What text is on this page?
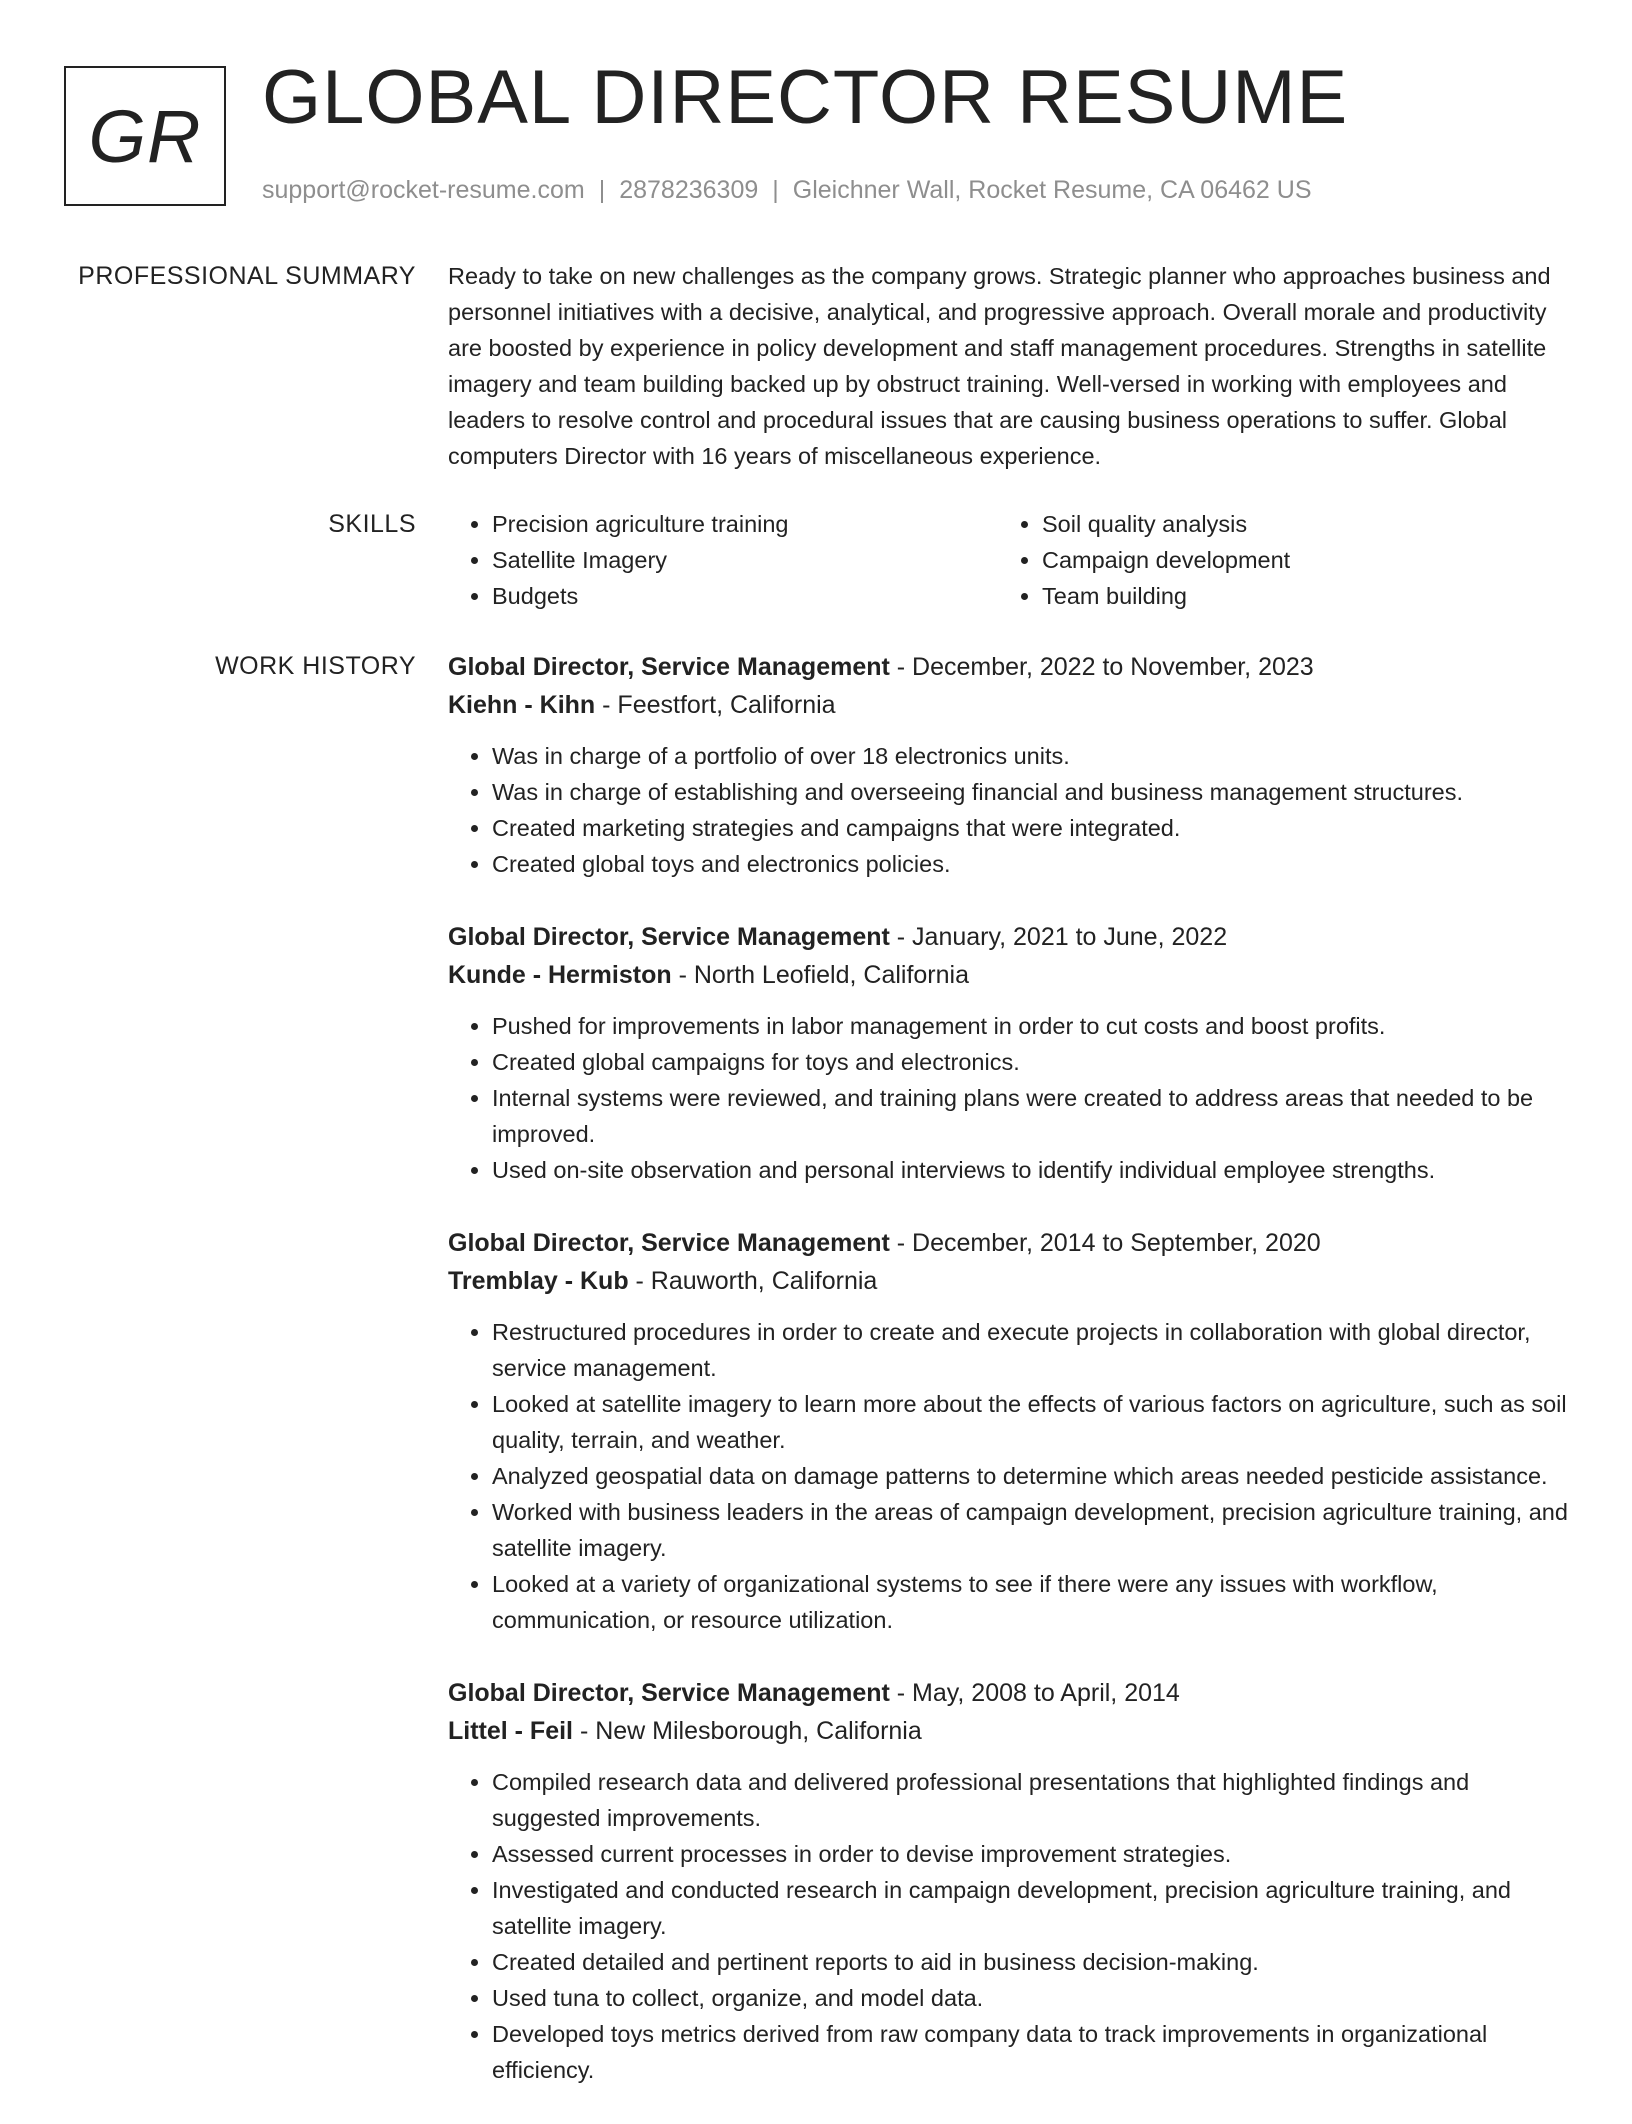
GR GLOBAL DIRECTOR RESUME
support@rocket-resume.com | 2878236309 | Gleichner Wall, Rocket Resume, CA 06462 US
PROFESSIONAL SUMMARY Ready to take on new challenges as the company grows. Strategic planner who approaches business and personnel initiatives with a decisive, analytical, and progressive approach. Overall morale and productivity are boosted by experience in policy development and staff management procedures. Strengths in satellite imagery and team building backed up by obstruct training. Well-versed in working with employees and leaders to resolve control and procedural issues that are causing business operations to suffer. Global computers Director with 16 years of miscellaneous experience.

SKILLS
•	Precision agriculture training
• Satellite Imagery
• Budgets
• Soil quality analysis
• Campaign development
• Team building
WORK HISTORY Global Director, Service Management - December, 2022 to November, 2023
Kiehn - Kihn - Feestfort, California
• Was in charge of a portfolio of over 18 electronics units.
• Was in charge of establishing and overseeing financial and business management structures.
• Created marketing strategies and campaigns that were integrated.
• Created global toys and electronics policies.
Global Director, Service Management - January, 2021 to June, 2022
Kunde - Hermiston - North Leofield, California
• Pushed for improvements in labor management in order to cut costs and boost profits.
• Created global campaigns for toys and electronics.
• Internal systems were reviewed, and training plans were created to address areas that needed to be improved.
• Used on-site observation and personal interviews to identify individual employee strengths.
Global Director, Service Management - December, 2014 to September, 2020
Tremblay - Kub - Rauworth, California
• Restructured procedures in order to create and execute projects in collaboration with global director, service management.
• Looked at satellite imagery to learn more about the effects of various factors on agriculture, such as soil quality, terrain, and weather.
• Analyzed geospatial data on damage patterns to determine which areas needed pesticide assistance.
• Worked with business leaders in the areas of campaign development, precision agriculture training, and satellite imagery.
• Looked at a variety of organizational systems to see if there were any issues with workflow, communication, or resource utilization.
Global Director, Service Management - May, 2008 to April, 2014
Littel - Feil - New Milesborough, California
• Compiled research data and delivered professional presentations that highlighted findings and suggested improvements.
• Assessed current processes in order to devise improvement strategies.
• Investigated and conducted research in campaign development, precision agriculture training, and satellite imagery.
• Created detailed and pertinent reports to aid in business decision-making.
• Used tuna to collect, organize, and model data.
• Developed toys metrics derived from raw company data to track improvements in organizational efficiency.
